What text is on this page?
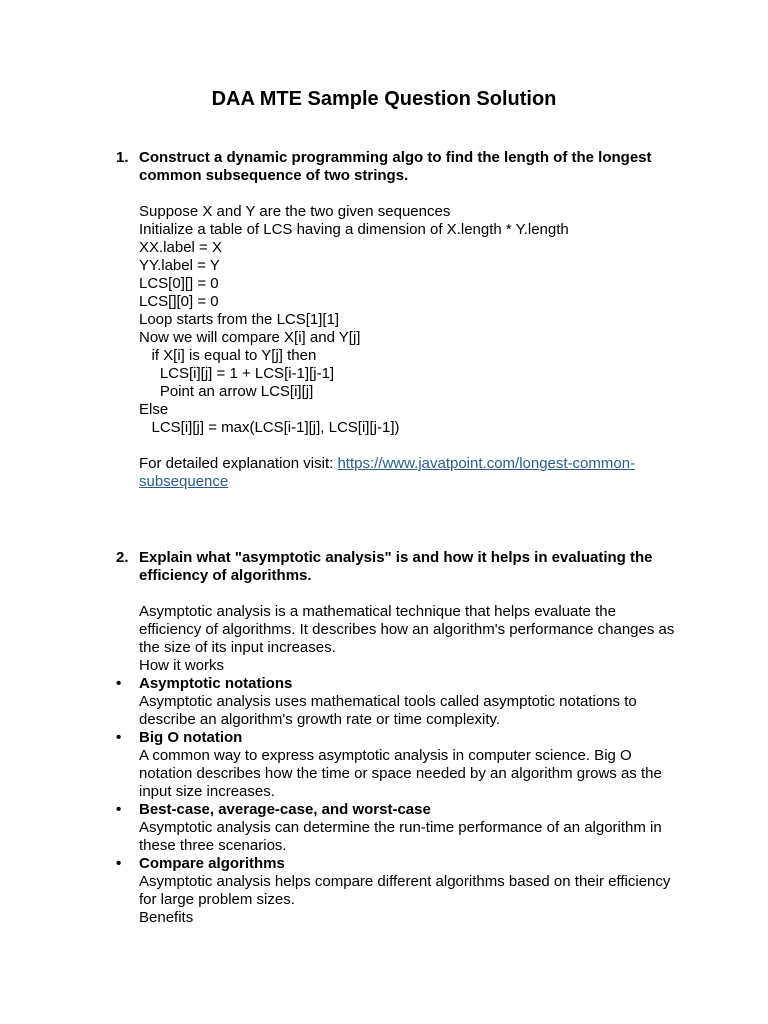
DAA MTE Sample Question Solution
1. Construct a dynamic programming algo to find the length of the longest common subsequence of two strings.

Suppose X and Y are the two given sequences
Initialize a table of LCS having a dimension of X.length * Y.length
XX.label = X
YY.label = Y
LCS[0][] = 0
LCS[][0] = 0
Loop starts from the LCS[1][1]
Now we will compare X[i] and Y[j]
if X[i] is equal to Y[j] then
LCS[i][j] = 1 + LCS[i-1][j-1]
Point an arrow LCS[i][j]
Else
LCS[i][j] = max(LCS[i-1][j], LCS[i][j-1])
For detailed explanation visit: https://www.javatpoint.com/longest-common-subsequence
2. Explain what "asymptotic analysis" is and how it helps in evaluating the efficiency of algorithms.

Asymptotic analysis is a mathematical technique that helps evaluate the efficiency of algorithms. It describes how an algorithm's performance changes as the size of its input increases.
How it works
•	Asymptotic notations
Asymptotic analysis uses mathematical tools called asymptotic notations to describe an algorithm's growth rate or time complexity.
•	Big O notation
A common way to express asymptotic analysis in computer science. Big O notation describes how the time or space needed by an algorithm grows as the input size increases.
•	Best-case, average-case, and worst-case
Asymptotic analysis can determine the run-time performance of an algorithm in these three scenarios.
•	Compare algorithms
Asymptotic analysis helps compare different algorithms based on their efficiency for large problem sizes.
Benefits
